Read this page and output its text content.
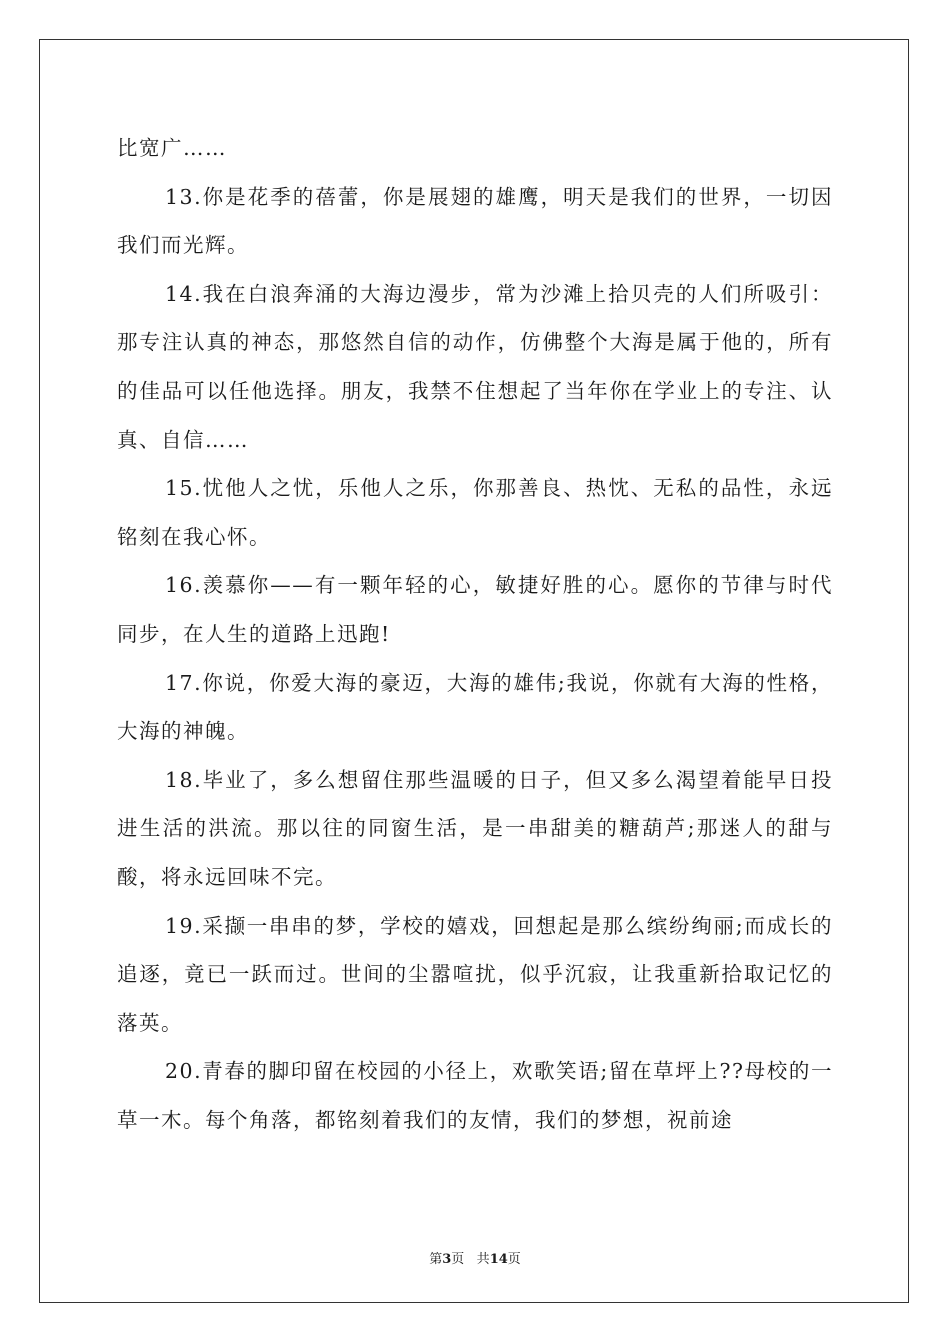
比宽广……

13.你是花季的蓓蕾，你是展翅的雄鹰，明天是我们的世界，一切因我们而光辉。

14.我在白浪奔涌的大海边漫步，常为沙滩上拾贝壳的人们所吸引：那专注认真的神态，那悠然自信的动作，仿佛整个大海是属于他的，所有的佳品可以任他选择。朋友，我禁不住想起了当年你在学业上的专注、认真、自信……

15.忧他人之忧，乐他人之乐，你那善良、热忱、无私的品性，永远铭刻在我心怀。

16.羡慕你——有一颗年轻的心，敏捷好胜的心。愿你的节律与时代同步，在人生的道路上迅跑!

17.你说，你爱大海的豪迈，大海的雄伟;我说，你就有大海的性格，大海的神魄。

18.毕业了，多么想留住那些温暖的日子，但又多么渴望着能早日投进生活的洪流。那以往的同窗生活，是一串甜美的糖葫芦;那迷人的甜与酸，将永远回味不完。

19.采撷一串串的梦，学校的嬉戏，回想起是那么缤纷绚丽;而成长的追逐，竟已一跃而过。世间的尘嚣喧扰，似乎沉寂，让我重新拾取记忆的落英。

20.青春的脚印留在校园的小径上，欢歌笑语;留在草坪上??母校的一草一木。每个角落，都铭刻着我们的友情，我们的梦想，祝前途

第3页 共14页
